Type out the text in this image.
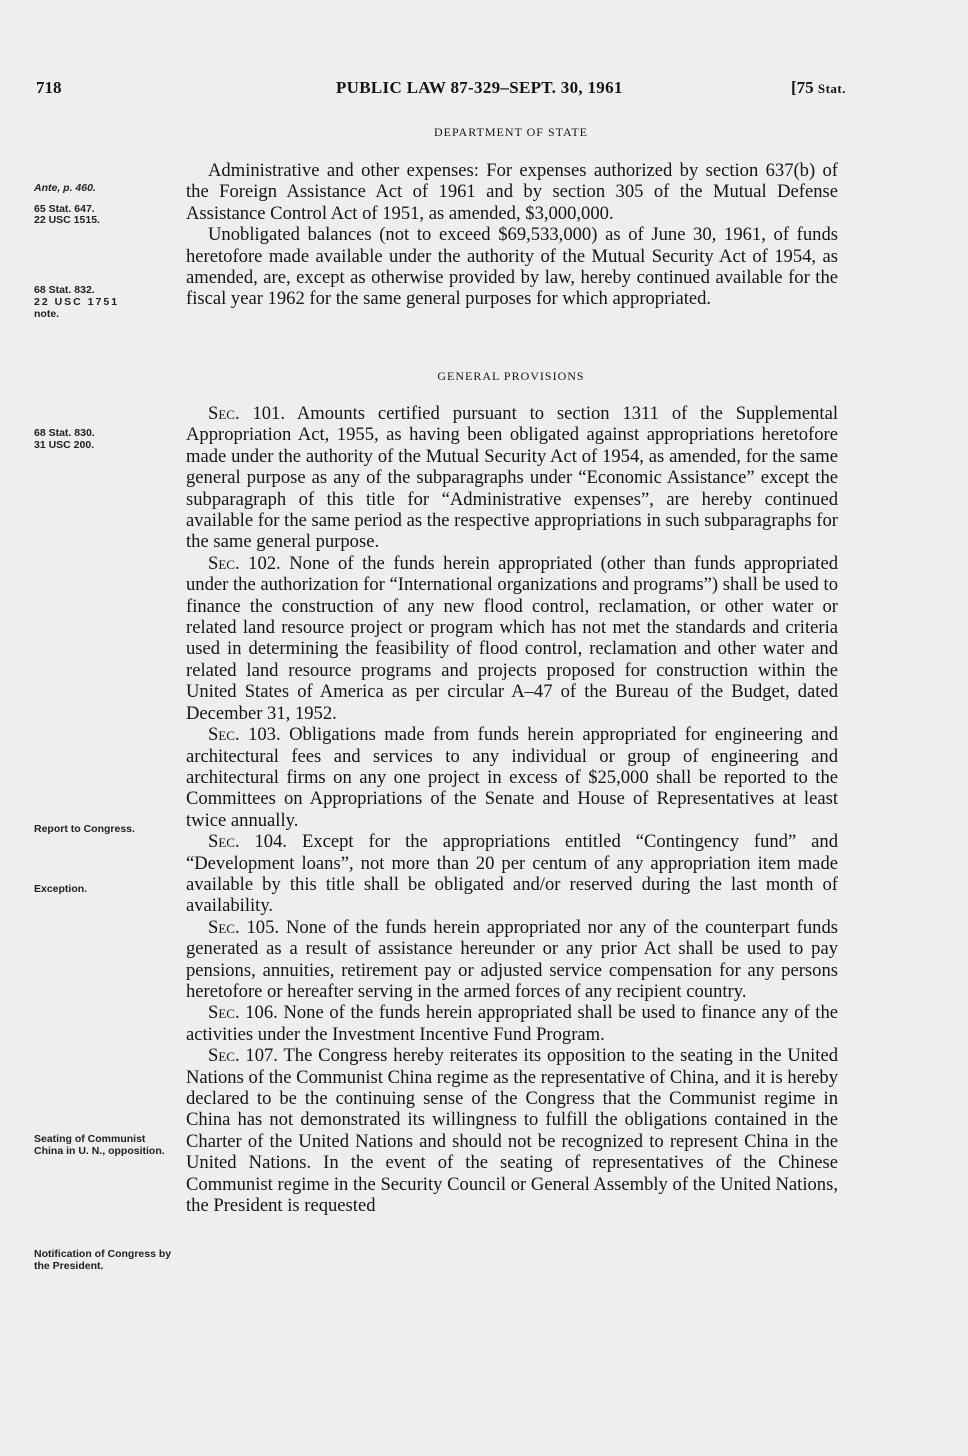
718	PUBLIC LAW 87-329–SEPT. 30, 1961	[75 Stat.
DEPARTMENT OF STATE
Ante, p. 460.
65 Stat. 647.
22 USC 1515.
68 Stat. 832.
22 USC 1751
note.
68 Stat. 830.
31 USC 200.
Report to Congress.
Exception.
Seating of Communist China in U. N., opposition.
Notification of Congress by the President.

Administrative and other expenses: For expenses authorized by section 637(b) of the Foreign Assistance Act of 1961 and by section 305 of the Mutual Defense Assistance Control Act of 1951, as amended, $3,000,000.

Unobligated balances (not to exceed $69,533,000) as of June 30, 1961, of funds heretofore made available under the authority of the Mutual Security Act of 1954, as amended, are, except as otherwise provided by law, hereby continued available for the fiscal year 1962 for the same general purposes for which appropriated.

GENERAL PROVISIONS

Sec. 101. Amounts certified pursuant to section 1311 of the Supplemental Appropriation Act, 1955, as having been obligated against appropriations heretofore made under the authority of the Mutual Security Act of 1954, as amended, for the same general purpose as any of the subparagraphs under “Economic Assistance” except the subparagraph of this title for “Administrative expenses”, are hereby continued available for the same period as the respective appropriations in such subparagraphs for the same general purpose.

Sec. 102. None of the funds herein appropriated (other than funds appropriated under the authorization for “International organizations and programs”) shall be used to finance the construction of any new flood control, reclamation, or other water or related land resource project or program which has not met the standards and criteria used in determining the feasibility of flood control, reclamation and other water and related land resource programs and projects proposed for construction within the United States of America as per circular A–47 of the Bureau of the Budget, dated December 31, 1952.

Sec. 103. Obligations made from funds herein appropriated for engineering and architectural fees and services to any individual or group of engineering and architectural firms on any one project in excess of $25,000 shall be reported to the Committees on Appropriations of the Senate and House of Representatives at least twice annually.

Sec. 104. Except for the appropriations entitled “Contingency fund” and “Development loans”, not more than 20 per centum of any appropriation item made available by this title shall be obligated and/or reserved during the last month of availability.

Sec. 105. None of the funds herein appropriated nor any of the counterpart funds generated as a result of assistance hereunder or any prior Act shall be used to pay pensions, annuities, retirement pay or adjusted service compensation for any persons heretofore or hereafter serving in the armed forces of any recipient country.

Sec. 106. None of the funds herein appropriated shall be used to finance any of the activities under the Investment Incentive Fund Program.

Sec. 107. The Congress hereby reiterates its opposition to the seating in the United Nations of the Communist China regime as the representative of China, and it is hereby declared to be the continuing sense of the Congress that the Communist regime in China has not demonstrated its willingness to fulfill the obligations contained in the Charter of the United Nations and should not be recognized to represent China in the United Nations. In the event of the seating of representatives of the Chinese Communist regime in the Security Council or General Assembly of the United Nations, the President is requested
